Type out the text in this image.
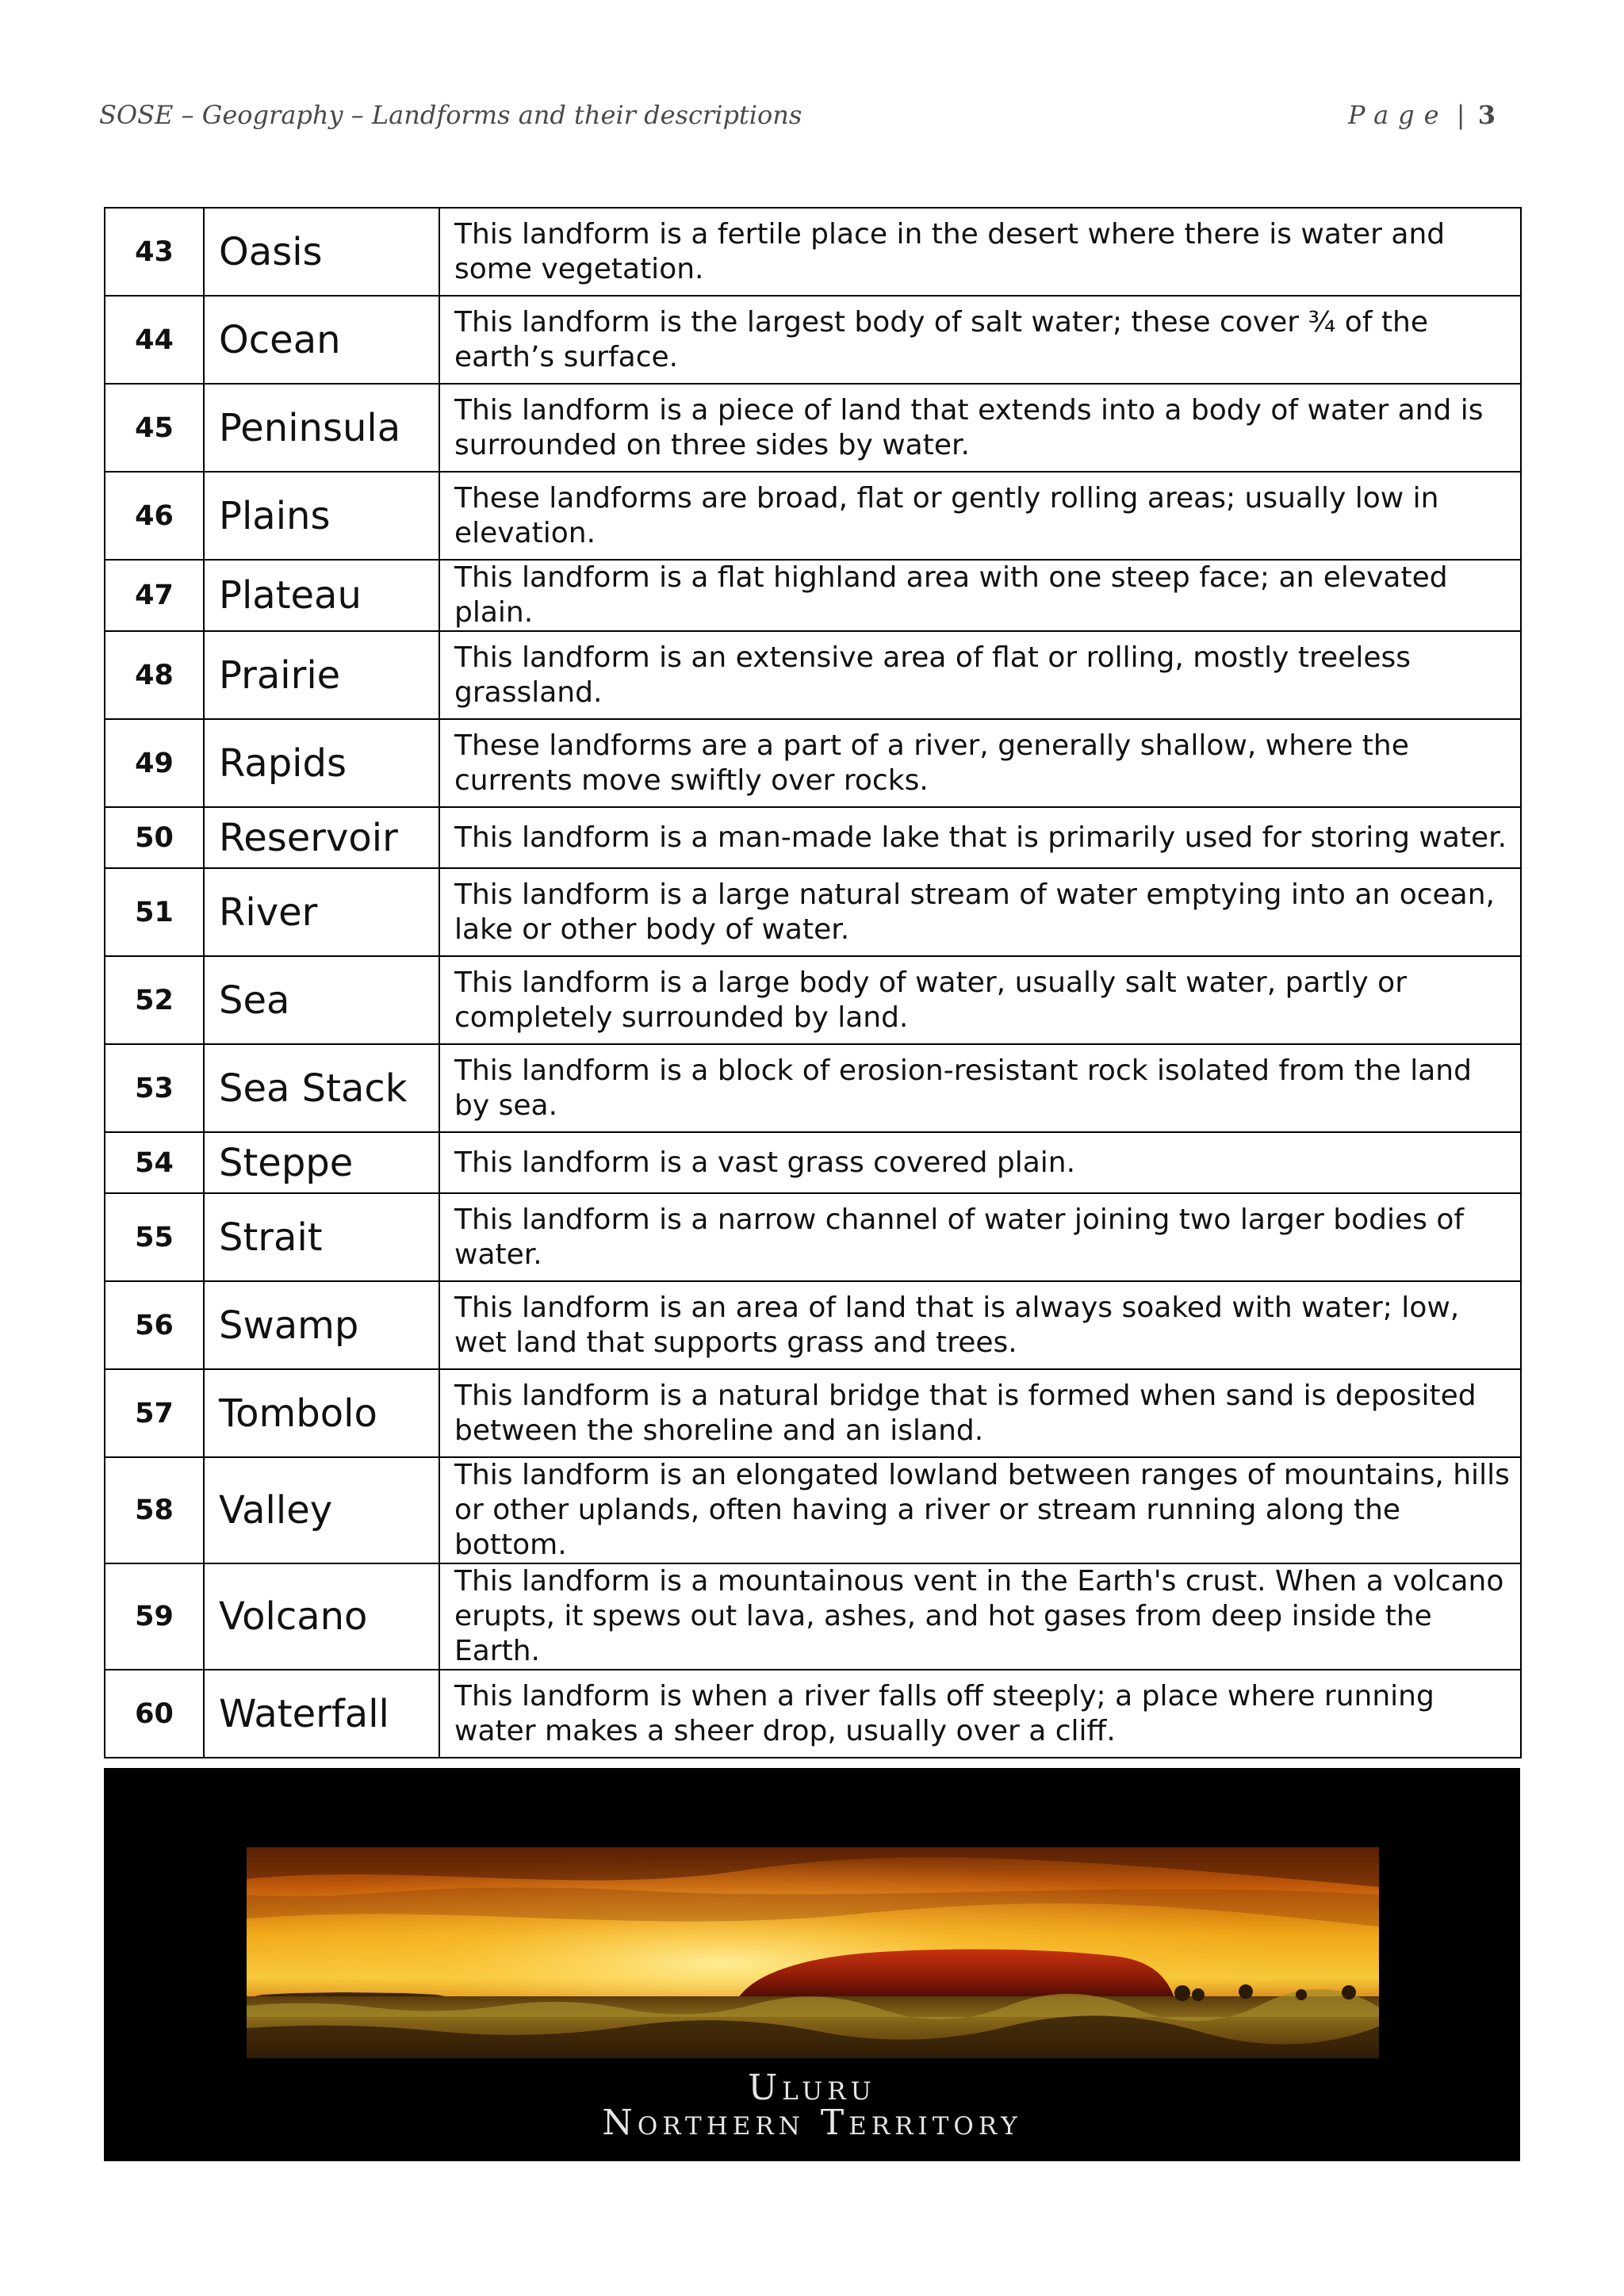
SOSE – Geography – Landforms and their descriptions	Page | 3
43	Oasis	This landform is a fertile place in the desert where there is water and some vegetation.
44	Ocean	This landform is the largest body of salt water; these cover ¾ of the earth’s surface.
45	Peninsula	This landform is a piece of land that extends into a body of water and is surrounded on three sides by water.
46	Plains	These landforms are broad, flat or gently rolling areas; usually low in elevation.
47	Plateau	This landform is a flat highland area with one steep face; an elevated plain.
48	Prairie	This landform is an extensive area of flat or rolling, mostly treeless grassland.
49	Rapids	These landforms are a part of a river, generally shallow, where the currents move swiftly over rocks.
50	Reservoir	This landform is a man-made lake that is primarily used for storing water.
51	River	This landform is a large natural stream of water emptying into an ocean, lake or other body of water.
52	Sea	This landform is a large body of water, usually salt water, partly or completely surrounded by land.
53	Sea Stack	This landform is a block of erosion-resistant rock isolated from the land by sea.
54	Steppe	This landform is a vast grass covered plain.
55	Strait	This landform is a narrow channel of water joining two larger bodies of water.
56	Swamp	This landform is an area of land that is always soaked with water; low, wet land that supports grass and trees.
57	Tombolo	This landform is a natural bridge that is formed when sand is deposited between the shoreline and an island.
58	Valley	This landform is an elongated lowland between ranges of mountains, hills or other uplands, often having a river or stream running along the bottom.
59	Volcano	This landform is a mountainous vent in the Earth's crust. When a volcano erupts, it spews out lava, ashes, and hot gases from deep inside the Earth.
60	Waterfall	This landform is when a river falls off steeply; a place where running water makes a sheer drop, usually over a cliff.
Uluru
Northern Territory
